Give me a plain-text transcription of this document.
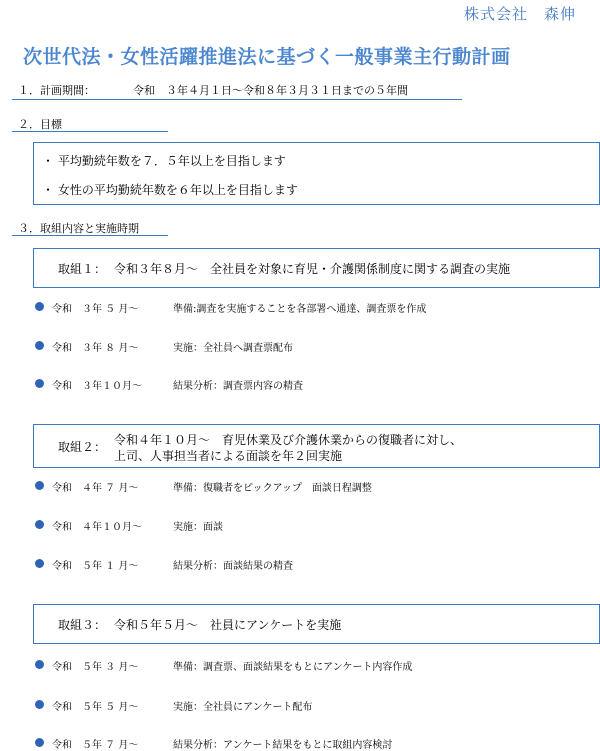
株式会社　森伸
次世代法・女性活躍推進法に基づく一般事業主行動計画
１．計画期間：	令和　３年４月１日～令和８年３月３１日までの５年間
２．目標
・ 平均勤続年数を７．５年以上を目指します
・ 女性の平均勤続年数を６年以上を目指します
３．取組内容と実施時期
取組１： 令和３年８月～　全社員を対象に育児・介護関係制度に関する調査の実施
令和　３年 ５ 月～	準備:調査を実施することを各部署へ通達、調査票を作成
令和　３年 ８ 月～	実施：全社員へ調査票配布
令和　３年１０月～	結果分析：調査票内容の精査
取組２： 令和４年１０月～　育児休業及び介護休業からの復職者に対し、
上司、人事担当者による面談を年２回実施
令和　４年 ７ 月～	準備：復職者をピックアップ　面談日程調整
令和　４年１０月～	実施：面談
令和　５年 １ 月～	結果分析：面談結果の精査
取組３： 令和５年５月～　社員にアンケートを実施
令和　５年 ３ 月～	準備：調査票、面談結果をもとにアンケート内容作成
令和　５年 ５ 月～	実施：全社員にアンケート配布
令和　５年 ７ 月～	結果分析：アンケート結果をもとに取組内容検討
